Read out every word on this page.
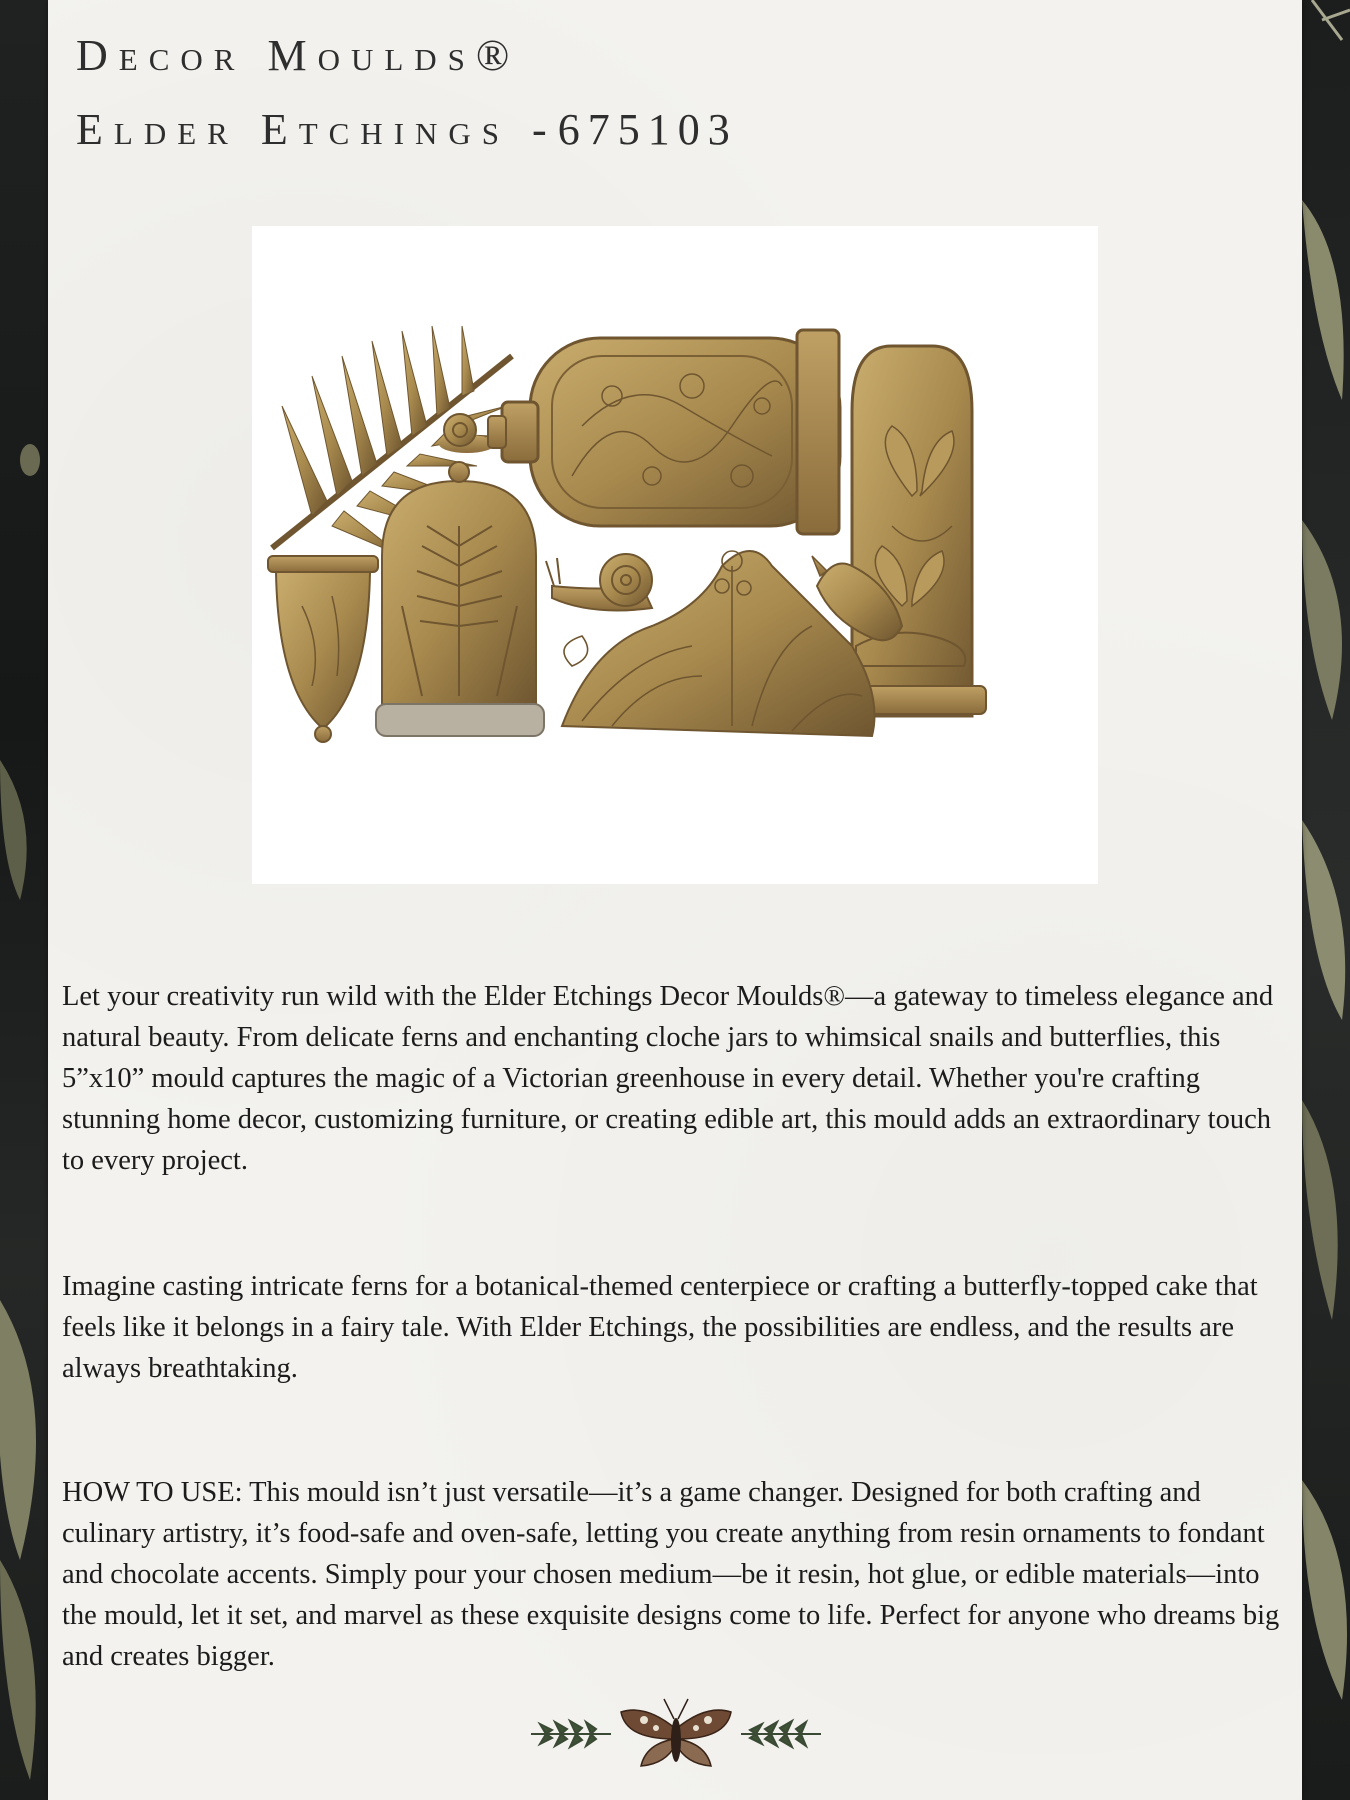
Decor Moulds®
Elder Etchings -675103

Let your creativity run wild with the Elder Etchings Decor Moulds®—a gateway to timeless elegance and natural beauty. From delicate ferns and enchanting cloche jars to whimsical snails and butterflies, this 5”x10” mould captures the magic of a Victorian greenhouse in every detail. Whether you're crafting stunning home decor, customizing furniture, or creating edible art, this mould adds an extraordinary touch to every project.

Imagine casting intricate ferns for a botanical-themed centerpiece or crafting a butterfly-topped cake that feels like it belongs in a fairy tale. With Elder Etchings, the possibilities are endless, and the results are always breathtaking.

HOW TO USE: This mould isn’t just versatile—it’s a game changer. Designed for both crafting and culinary artistry, it’s food-safe and oven-safe, letting you create anything from resin ornaments to fondant and chocolate accents. Simply pour your chosen medium—be it resin, hot glue, or edible materials—into the mould, let it set, and marvel as these exquisite designs come to life. Perfect for anyone who dreams big and creates bigger.
